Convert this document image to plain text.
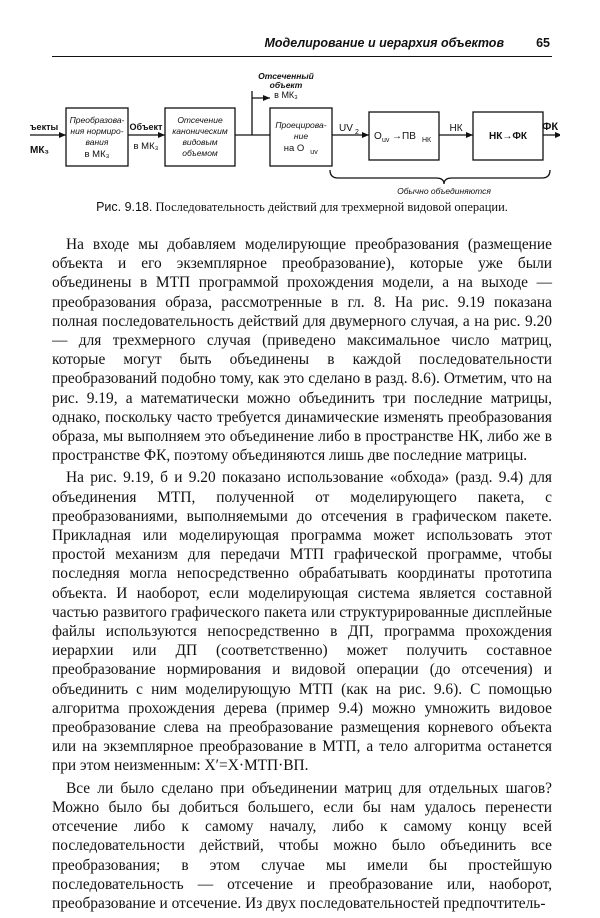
Моделирование и иерархия объектов	65
ъекты
МК₃
Преобразова-
ния нормиро-
вания
в МК₃
Отсечение
каноническим
видовым
объемом
Проецирова-
ние
на O uv
Объект
в МК₃
Отсеченный
объект
в МК₃
UV 2	НК
НК→ФК
ФК
O uv →ПВ НК
Обычно объединяются
Рис. 9.18. Последовательность действий для трехмерной видовой операции.

На входе мы добавляем моделирующие преобразования (размещение объекта и его экземплярное преобразование), которые уже были объединены в МТП программой прохождения модели, а на выходе — преобразования образа, рассмотренные в гл. 8. На рис. 9.19 показана полная последовательность действий для двумерного случая, а на рис. 9.20 — для трехмерного случая (приведено максимальное число матриц, которые могут быть объединены в каждой последовательности преобразований подобно тому, как это сделано в разд. 8.6). Отметим, что на рис. 9.19, а математически можно объединить три последние матрицы, однако, поскольку часто требуется динамические изменять преобразования образа, мы выполняем это объединение либо в пространстве НК, либо же в пространстве ФК, поэтому объединяются лишь две последние матрицы.

На рис. 9.19, б и 9.20 показано использование «обхода» (разд. 9.4) для объединения МТП, полученной от моделирующего пакета, с преобразованиями, выполняемыми до отсечения в графическом пакете. Прикладная или моделирующая программа может использовать этот простой механизм для передачи МТП графической программе, чтобы последняя могла непосредственно обрабатывать координаты прототипа объекта. И наоборот, если моделирующая система является составной частью развитого графического пакета или структурированные дисплейные файлы используются непосредственно в ДП, программа прохождения иерархии или ДП (соответственно) может получить составное преобразование нормирования и видовой операции (до отсечения) и объединить с ним моделирующую МТП (как на рис. 9.6). С помощью алгоритма прохождения дерева (пример 9.4) можно умножить видовое преобразование слева на преобразование размещения корневого объекта или на экземплярное преобразование в МТП, а тело алгоритма останется при этом неизменным: X′=X·МТП·ВП.

Все ли было сделано при объединении матриц для отдельных шагов? Можно было бы добиться большего, если бы нам удалось перенести отсечение либо к самому началу, либо к самому концу всей последовательности действий, чтобы можно было объединить все преобразования; в этом случае мы имели бы простейшую последовательность — отсечение и преобразование или, наоборот, преобразование и отсечение. Из двух последовательностей предпочтитель-
